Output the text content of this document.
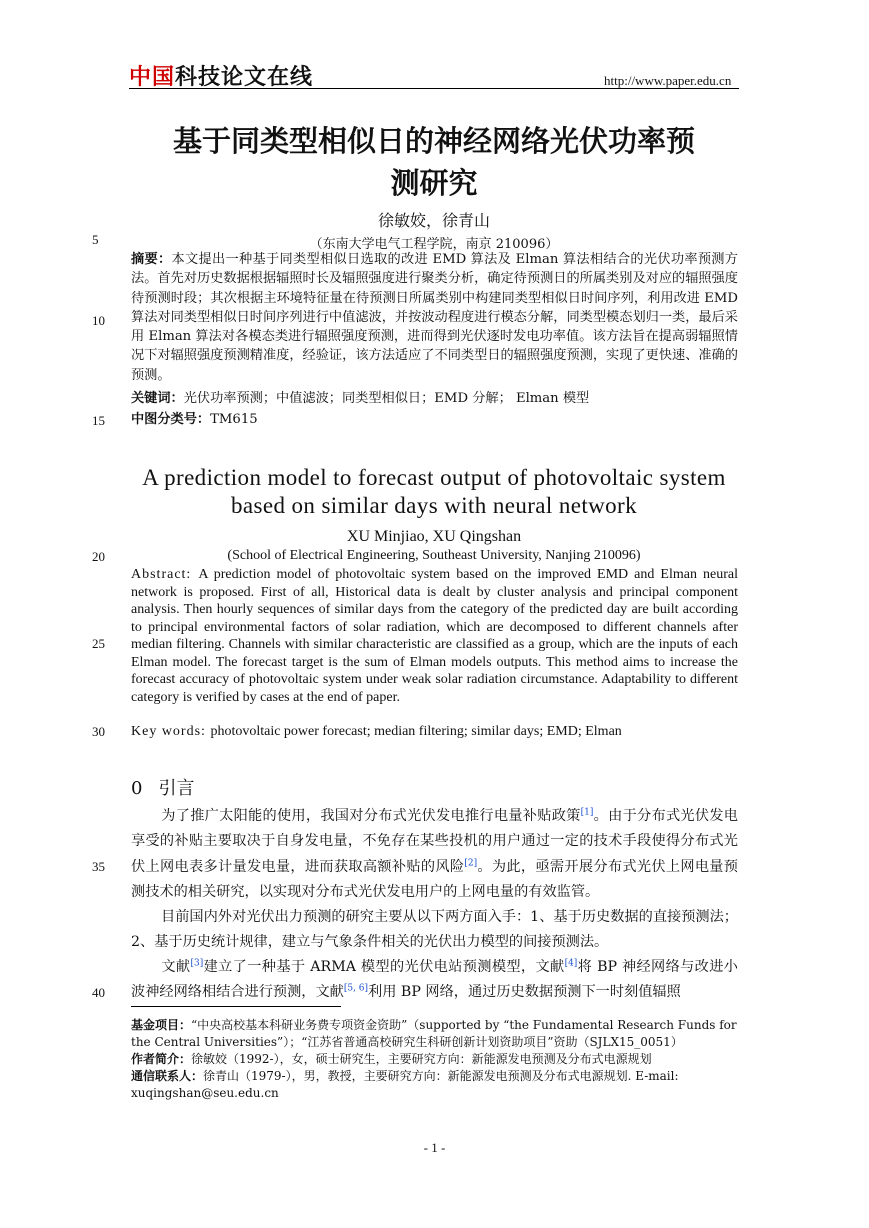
中国科技论文在线	http://www.paper.edu.cn
基于同类型相似日的神经网络光伏功率预
测研究
徐敏姣，徐青山
（东南大学电气工程学院，南京 210096）
5
10
15
20
25
30
35
40
摘要：本文提出一种基于同类型相似日选取的改进 EMD 算法及 Elman 算法相结合的光伏功率预测方法。首先对历史数据根据辐照时长及辐照强度进行聚类分析，确定待预测日的所属类别及对应的辐照强度待预测时段；其次根据主环境特征量在待预测日所属类别中构建同类型相似日时间序列，利用改进 EMD 算法对同类型相似日时间序列进行中值滤波，并按波动程度进行模态分解，同类型模态划归一类，最后采用 Elman 算法对各模态类进行辐照强度预测，进而得到光伏逐时发电功率值。该方法旨在提高弱辐照情况下对辐照强度预测精准度，经验证，该方法适应了不同类型日的辐照强度预测，实现了更快速、准确的预测。
关键词：光伏功率预测；中值滤波；同类型相似日；EMD 分解； Elman 模型
中图分类号：TM615
A prediction model to forecast output of photovoltaic system based on similar days with neural network
XU Minjiao, XU Qingshan
(School of Electrical Engineering, Southeast University, Nanjing 210096)
Abstract: A prediction model of photovoltaic system based on the improved EMD and Elman neural network is proposed. First of all, Historical data is dealt by cluster analysis and principal component analysis. Then hourly sequences of similar days from the category of the predicted day are built according to principal environmental factors of solar radiation, which are decomposed to different channels after median filtering. Channels with similar characteristic are classified as a group, which are the inputs of each Elman model. The forecast target is the sum of Elman models outputs. This method aims to increase the forecast accuracy of photovoltaic system under weak solar radiation circumstance. Adaptability to different category is verified by cases at the end of paper.
Key words: photovoltaic power forecast; median filtering; similar days; EMD; Elman
0 引言
为了推广太阳能的使用，我国对分布式光伏发电推行电量补贴政策[1]。由于分布式光伏发电享受的补贴主要取决于自身发电量，不免存在某些投机的用户通过一定的技术手段使得分布式光伏上网电表多计量发电量，进而获取高额补贴的风险[2]。为此，亟需开展分布式光伏上网电量预测技术的相关研究，以实现对分布式光伏发电用户的上网电量的有效监管。
目前国内外对光伏出力预测的研究主要从以下两方面入手：1、基于历史数据的直接预测法；2、基于历史统计规律，建立与气象条件相关的光伏出力模型的间接预测法。
文献[3]建立了一种基于 ARMA 模型的光伏电站预测模型，文献[4]将 BP 神经网络与改进小波神经网络相结合进行预测，文献[5, 6]利用 BP 网络，通过历史数据预测下一时刻值辐照
基金项目：“中央高校基本科研业务费专项资金资助”（supported by “the Fundamental Research Funds for the Central Universities”）；“江苏省普通高校研究生科研创新计划资助项目”资助（SJLX15_0051）
作者简介：徐敏姣（1992-），女，硕士研究生，主要研究方向：新能源发电预测及分布式电源规划
通信联系人：徐青山（1979-），男，教授，主要研究方向：新能源发电预测及分布式电源规划. E-mail: xuqingshan@seu.edu.cn
- 1 -
